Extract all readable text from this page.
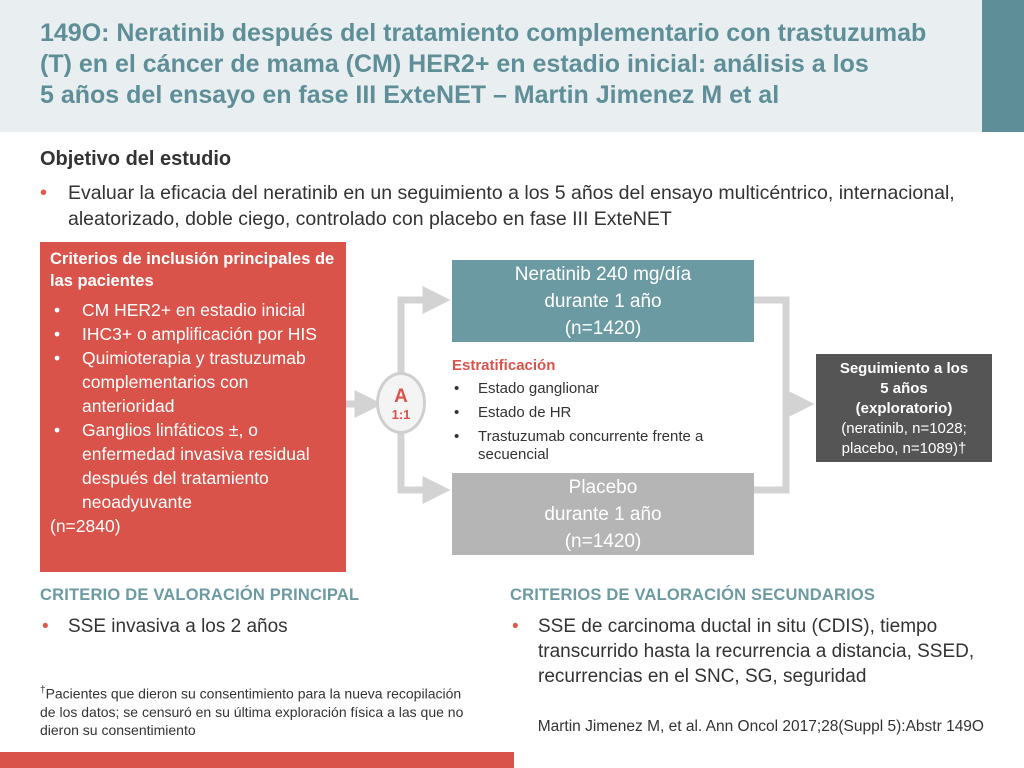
149O: Neratinib después del tratamiento complementario con trastuzumab
(T) en el cáncer de mama (CM) HER2+ en estadio inicial: análisis a los
5 años del ensayo en fase III ExteNET – Martin Jimenez M et al
Objetivo del estudio
• Evaluar la eficacia del neratinib en un seguimiento a los 5 años del ensayo multicéntrico, internacional, aleatorizado, doble ciego, controlado con placebo en fase III ExteNET

Criterios de inclusión principales de las pacientes

• CM HER2+ en estadio inicial
• IHC3+ o amplificación por HIS
• Quimioterapia y trastuzumab complementarios con anterioridad
• Ganglios linfáticos ±, o enfermedad invasiva residual después del tratamiento neoadyuvante

(n=2840)

A
1:1
Neratinib 240 mg/día
durante 1 año
(n=1420)

Estratificación

• Estado ganglionar
• Estado de HR
• Trastuzumab concurrente frente a secuencial
Placebo
durante 1 año
(n=1420)
Seguimiento a los
5 años
(exploratorio)
(neratinib, n=1028;
placebo, n=1089)†

CRITERIO DE VALORACIÓN PRINCIPAL

• SSE invasiva a los 2 años

CRITERIOS DE VALORACIÓN SECUNDARIOS

• SSE de carcinoma ductal in situ (CDIS), tiempo transcurrido hasta la recurrencia a distancia, SSED, recurrencias en el SNC, SG, seguridad

†Pacientes que dieron su consentimiento para la nueva recopilación de los datos; se censuró en su última exploración física a las que no dieron su consentimiento	Martin Jimenez M, et al. Ann Oncol 2017;28(Suppl 5):Abstr 149O
